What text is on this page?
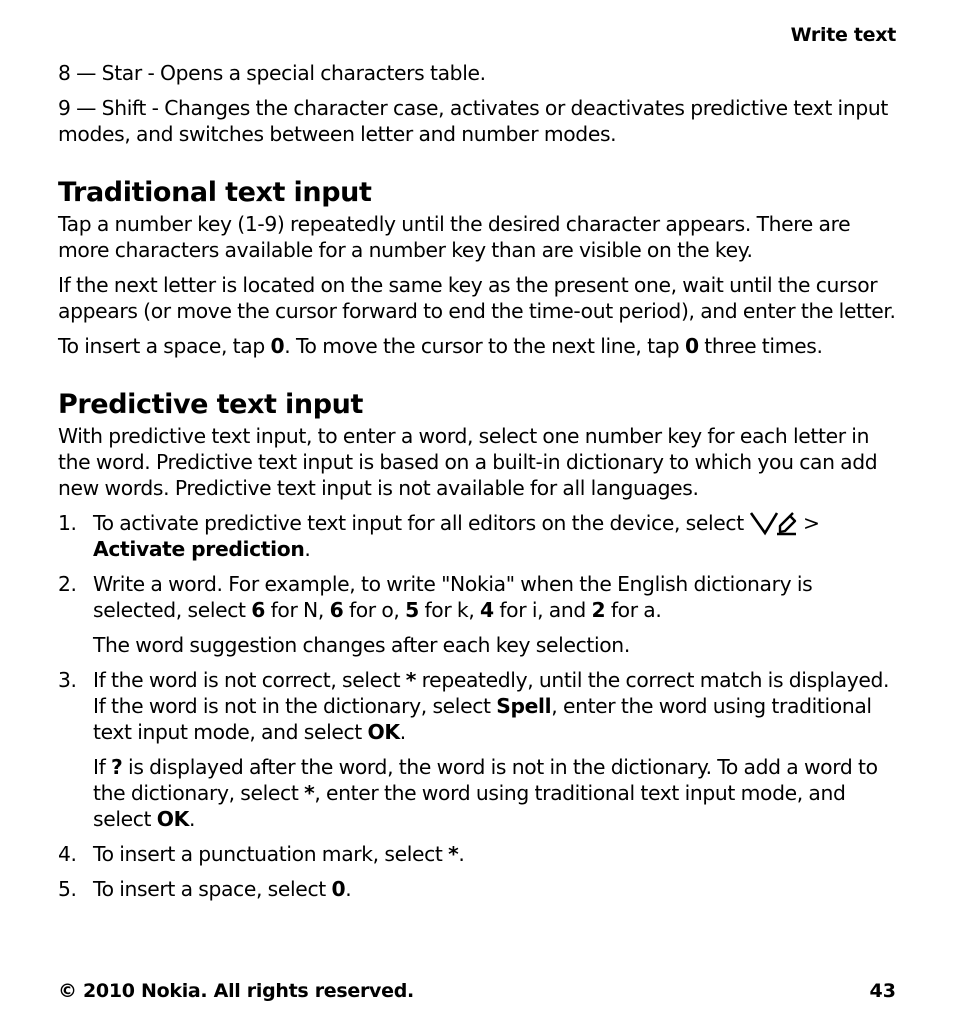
Write text

8 — Star - Opens a special characters table.

9 — Shift - Changes the character case, activates or deactivates predictive text input modes, and switches between letter and number modes.

Traditional text input

Tap a number key (1-9) repeatedly until the desired character appears. There are more characters available for a number key than are visible on the key.

If the next letter is located on the same key as the present one, wait until the cursor appears (or move the cursor forward to end the time-out period), and enter the letter.

To insert a space, tap 0. To move the cursor to the next line, tap 0 three times.

Predictive text input

With predictive text input, to enter a word, select one number key for each letter in the word. Predictive text input is based on a built-in dictionary to which you can add new words. Predictive text input is not available for all languages.

1. To activate predictive text input for all editors on the device, select  >
Activate prediction.

2. Write a word. For example, to write "Nokia" when the English dictionary is selected, select 6 for N, 6 for o, 5 for k, 4 for i, and 2 for a.

The word suggestion changes after each key selection.

3. If the word is not correct, select * repeatedly, until the correct match is displayed. If the word is not in the dictionary, select Spell, enter the word using traditional text input mode, and select OK.

If ? is displayed after the word, the word is not in the dictionary. To add a word to the dictionary, select *, enter the word using traditional text input mode, and select OK.

4. To insert a punctuation mark, select *.

5. To insert a space, select 0.

© 2010 Nokia. All rights reserved.	43
